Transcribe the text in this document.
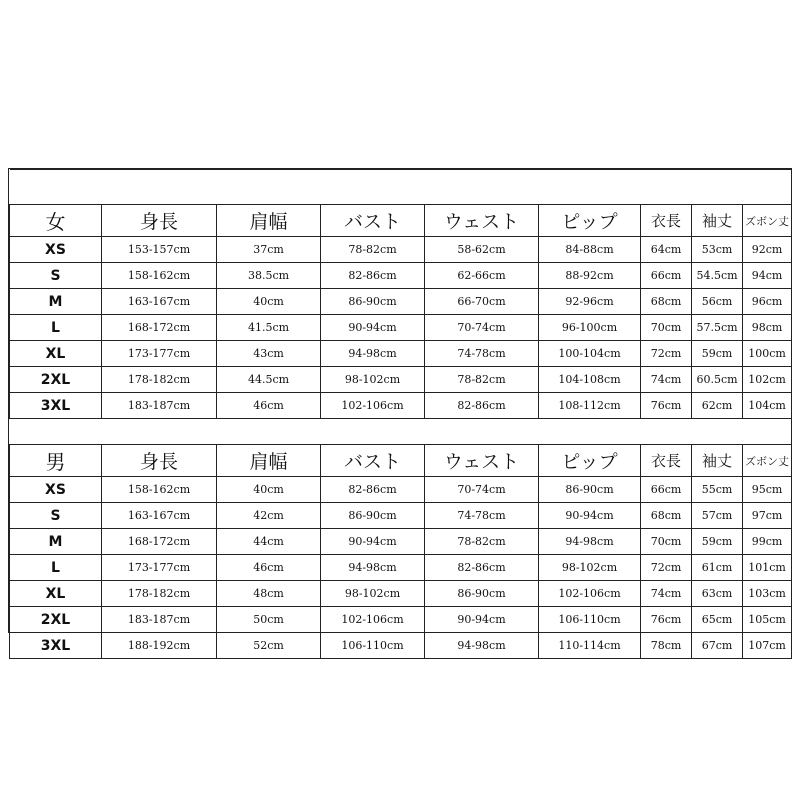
女	身長	肩幅	バスト	ウェスト	ピップ	衣長	袖丈	ズボン丈
XS	153-157cm	37cm	78-82cm	58-62cm	84-88cm	64cm	53cm	92cm
S	158-162cm	38.5cm	82-86cm	62-66cm	88-92cm	66cm	54.5cm	94cm
M	163-167cm	40cm	86-90cm	66-70cm	92-96cm	68cm	56cm	96cm
L	168-172cm	41.5cm	90-94cm	70-74cm	96-100cm	70cm	57.5cm	98cm
XL	173-177cm	43cm	94-98cm	74-78cm	100-104cm	72cm	59cm	100cm
2XL	178-182cm	44.5cm	98-102cm	78-82cm	104-108cm	74cm	60.5cm	102cm
3XL	183-187cm	46cm	102-106cm	82-86cm	108-112cm	76cm	62cm	104cm

男	身長	肩幅	バスト	ウェスト	ピップ	衣長	袖丈	ズボン丈
XS	158-162cm	40cm	82-86cm	70-74cm	86-90cm	66cm	55cm	95cm
S	163-167cm	42cm	86-90cm	74-78cm	90-94cm	68cm	57cm	97cm
M	168-172cm	44cm	90-94cm	78-82cm	94-98cm	70cm	59cm	99cm
L	173-177cm	46cm	94-98cm	82-86cm	98-102cm	72cm	61cm	101cm
XL	178-182cm	48cm	98-102cm	86-90cm	102-106cm	74cm	63cm	103cm
2XL	183-187cm	50cm	102-106cm	90-94cm	106-110cm	76cm	65cm	105cm
3XL	188-192cm	52cm	106-110cm	94-98cm	110-114cm	78cm	67cm	107cm
